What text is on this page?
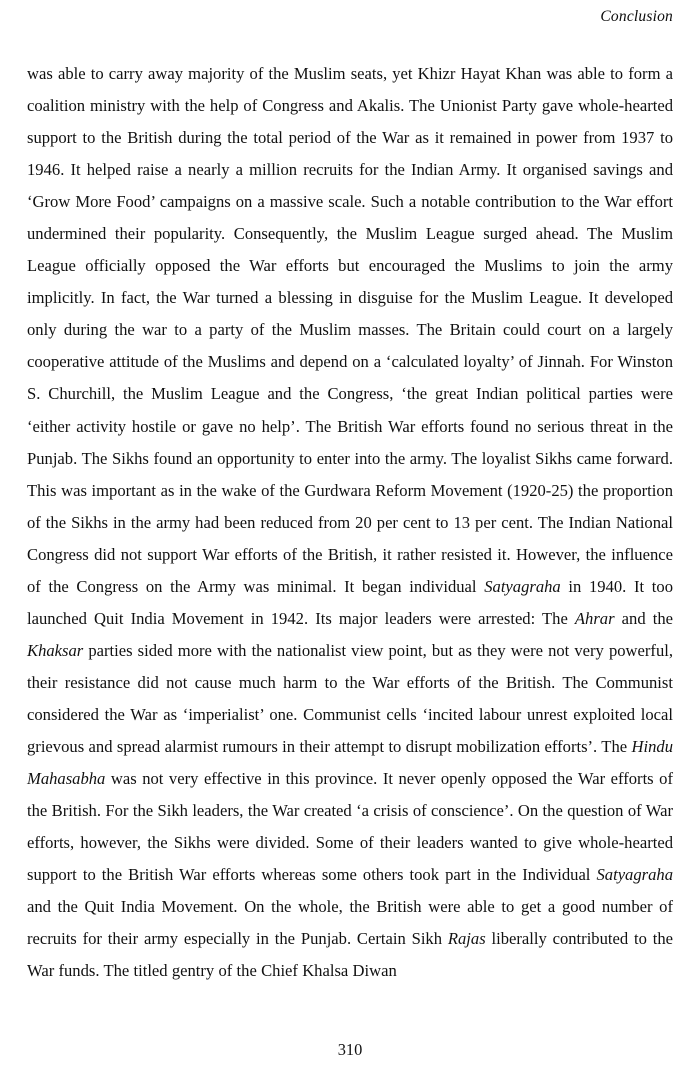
Conclusion

was able to carry away majority of the Muslim seats, yet Khizr Hayat Khan was able to form a coalition ministry with the help of Congress and Akalis. The Unionist Party gave whole-hearted support to the British during the total period of the War as it remained in power from 1937 to 1946. It helped raise a nearly a million recruits for the Indian Army. It organised savings and ‘Grow More Food’ campaigns on a massive scale. Such a notable contribution to the War effort undermined their popularity. Consequently, the Muslim League surged ahead. The Muslim League officially opposed the War efforts but encouraged the Muslims to join the army implicitly. In fact, the War turned a blessing in disguise for the Muslim League. It developed only during the war to a party of the Muslim masses. The Britain could court on a largely cooperative attitude of the Muslims and depend on a ‘calculated loyalty’ of Jinnah. For Winston S. Churchill, the Muslim League and the Congress, ‘the great Indian political parties were ‘either activity hostile or gave no help’. The British War efforts found no serious threat in the Punjab. The Sikhs found an opportunity to enter into the army. The loyalist Sikhs came forward. This was important as in the wake of the Gurdwara Reform Movement (1920-25) the proportion of the Sikhs in the army had been reduced from 20 per cent to 13 per cent. The Indian National Congress did not support War efforts of the British, it rather resisted it. However, the influence of the Congress on the Army was minimal. It began individual Satyagraha in 1940. It too launched Quit India Movement in 1942. Its major leaders were arrested: The Ahrar and the Khaksar parties sided more with the nationalist view point, but as they were not very powerful, their resistance did not cause much harm to the War efforts of the British. The Communist considered the War as ‘imperialist’ one. Communist cells ‘incited labour unrest exploited local grievous and spread alarmist rumours in their attempt to disrupt mobilization efforts’. The Hindu Mahasabha was not very effective in this province. It never openly opposed the War efforts of the British. For the Sikh leaders, the War created ‘a crisis of conscience’. On the question of War efforts, however, the Sikhs were divided. Some of their leaders wanted to give whole-hearted support to the British War efforts whereas some others took part in the Individual Satyagraha and the Quit India Movement. On the whole, the British were able to get a good number of recruits for their army especially in the Punjab. Certain Sikh Rajas liberally contributed to the War funds. The titled gentry of the Chief Khalsa Diwan

310
